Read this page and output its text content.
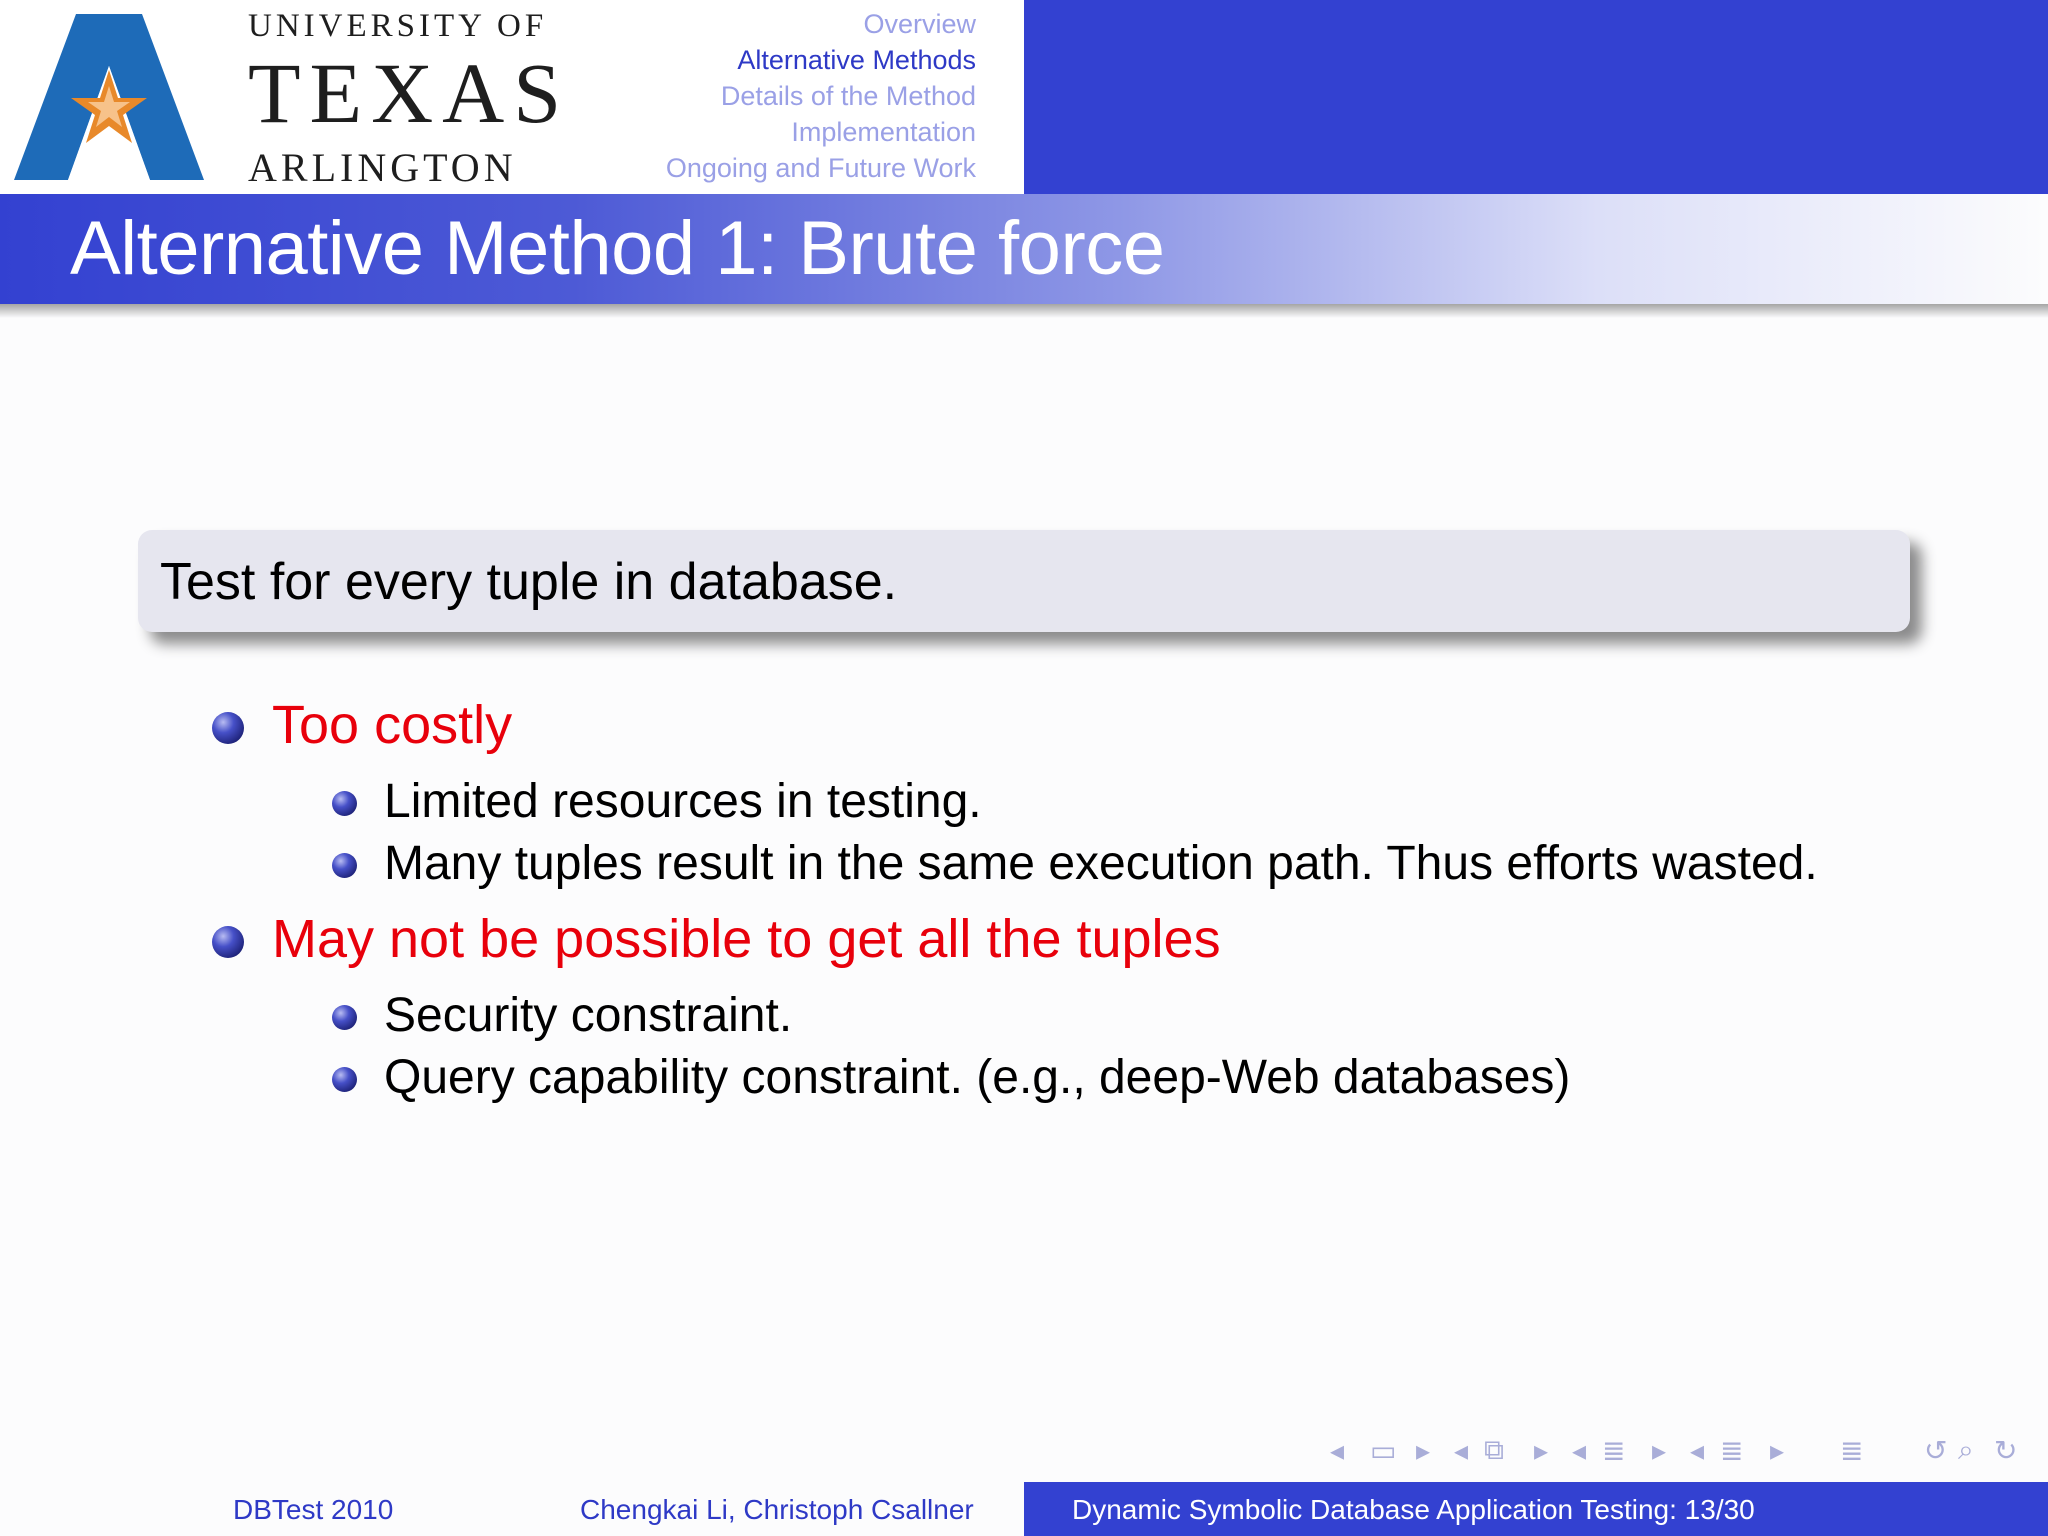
UNIVERSITY OF
TEXAS
ARLINGTON
Overview
Alternative Methods
Details of the Method
Implementation
Ongoing and Future Work
Alternative Method 1: Brute force
Test for every tuple in database.
Too costly
Limited resources in testing.
Many tuples result in the same execution path. Thus efforts wasted.
May not be possible to get all the tuples
Security constraint.
Query capability constraint. (e.g., deep-Web databases)
◂ ▭ ▸ ◂ ⧉ ▸ ◂ ≣ ▸ ◂ ≣ ▸ ≣ ↺ ⌕ ↻
DBTest 2010	Chengkai Li, Christoph Csallner	Dynamic Symbolic Database Application Testing: 13/30
